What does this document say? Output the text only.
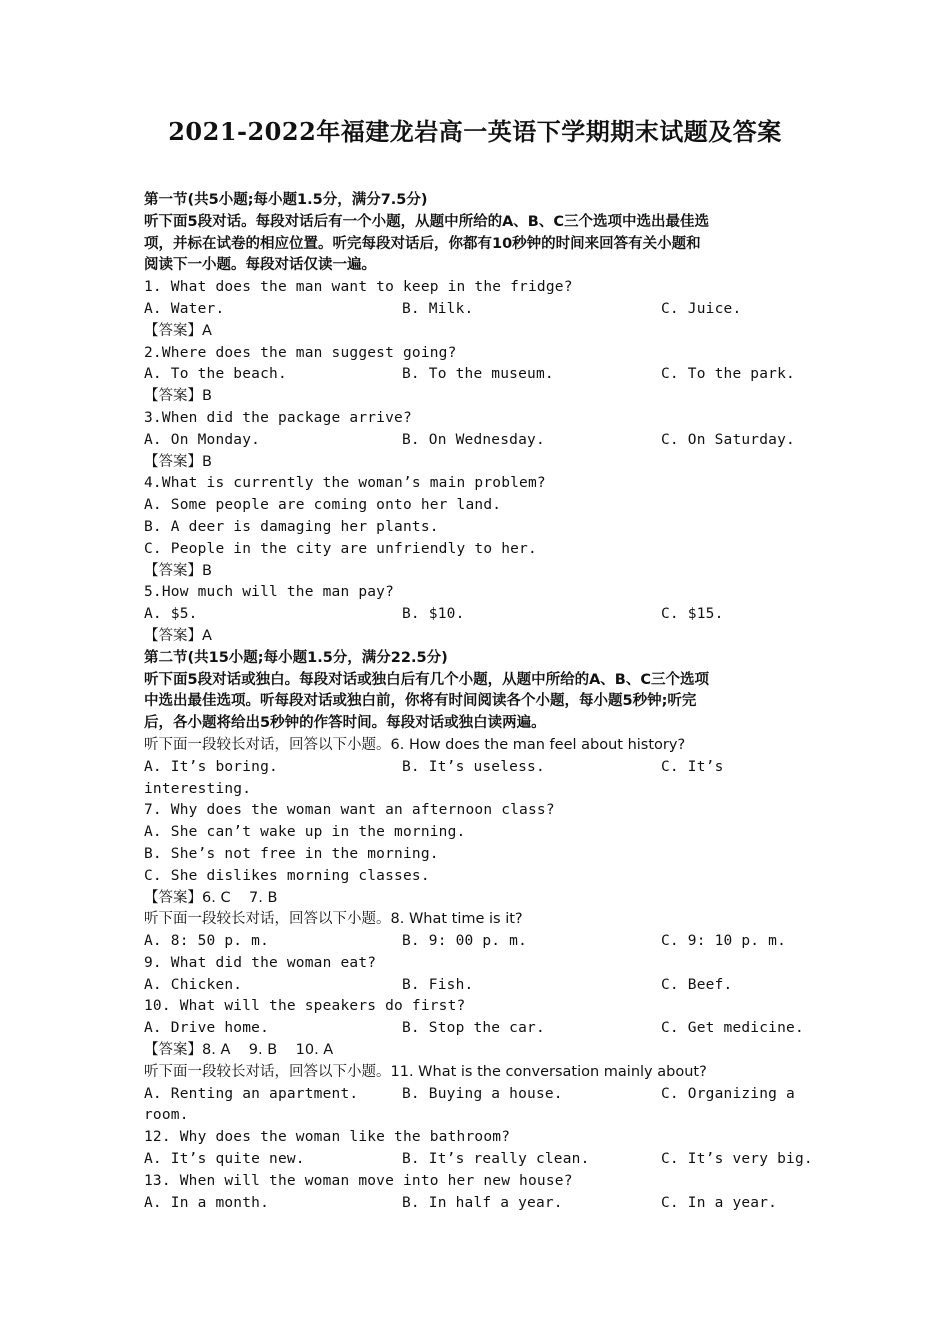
2021-2022年福建龙岩高一英语下学期期末试题及答案
第一节(共5小题;每小题1.5分，满分7.5分)
听下面5段对话。每段对话后有一个小题，从题中所给的A、B、C三个选项中选出最佳选
项，并标在试卷的相应位置。听完每段对话后，你都有10秒钟的时间来回答有关小题和
阅读下一小题。每段对话仅读一遍。
1. What does the man want to keep in the fridge?
A. Water.	B. Milk.	C. Juice.
【答案】A
2.Where does the man suggest going?
A. To the beach.	B. To the museum.	C. To the park.
【答案】B
3.When did the package arrive?
A. On Monday.	B. On Wednesday.	C. On Saturday.
【答案】B
4.What is currently the woman’s main problem?
A. Some people are coming onto her land.
B. A deer is damaging her plants.
C. People in the city are unfriendly to her.
【答案】B
5.How much will the man pay?
A. $5.	B. $10.	C. $15.
【答案】A
第二节(共15小题;每小题1.5分，满分22.5分)
听下面5段对话或独白。每段对话或独白后有几个小题，从题中所给的A、B、C三个选项
中选出最佳选项。听每段对话或独白前，你将有时间阅读各个小题，每小题5秒钟;听完
后，各小题将给出5秒钟的作答时间。每段对话或独白读两遍。
听下面一段较长对话，回答以下小题。6. How does the man feel about history?
A. It’s boring.	B. It’s useless.	C. It’s
interesting.
7. Why does the woman want an afternoon class?
A. She can’t wake up in the morning.
B. She’s not free in the morning.
C. She dislikes morning classes.
【答案】6. C    7. B
听下面一段较长对话，回答以下小题。8. What time is it?
A. 8: 50 p. m.	B. 9: 00 p. m.	C. 9: 10 p. m.
9. What did the woman eat?
A. Chicken.	B. Fish.	C. Beef.
10. What will the speakers do first?
A. Drive home.	B. Stop the car.	C. Get medicine.
【答案】8. A    9. B    10. A
听下面一段较长对话，回答以下小题。11. What is the conversation mainly about?
A. Renting an apartment.	B. Buying a house.	C. Organizing a
room.
12. Why does the woman like the bathroom?
A. It’s quite new.	B. It’s really clean.	C. It’s very big.
13. When will the woman move into her new house?
A. In a month.	B. In half a year.	C. In a year.
